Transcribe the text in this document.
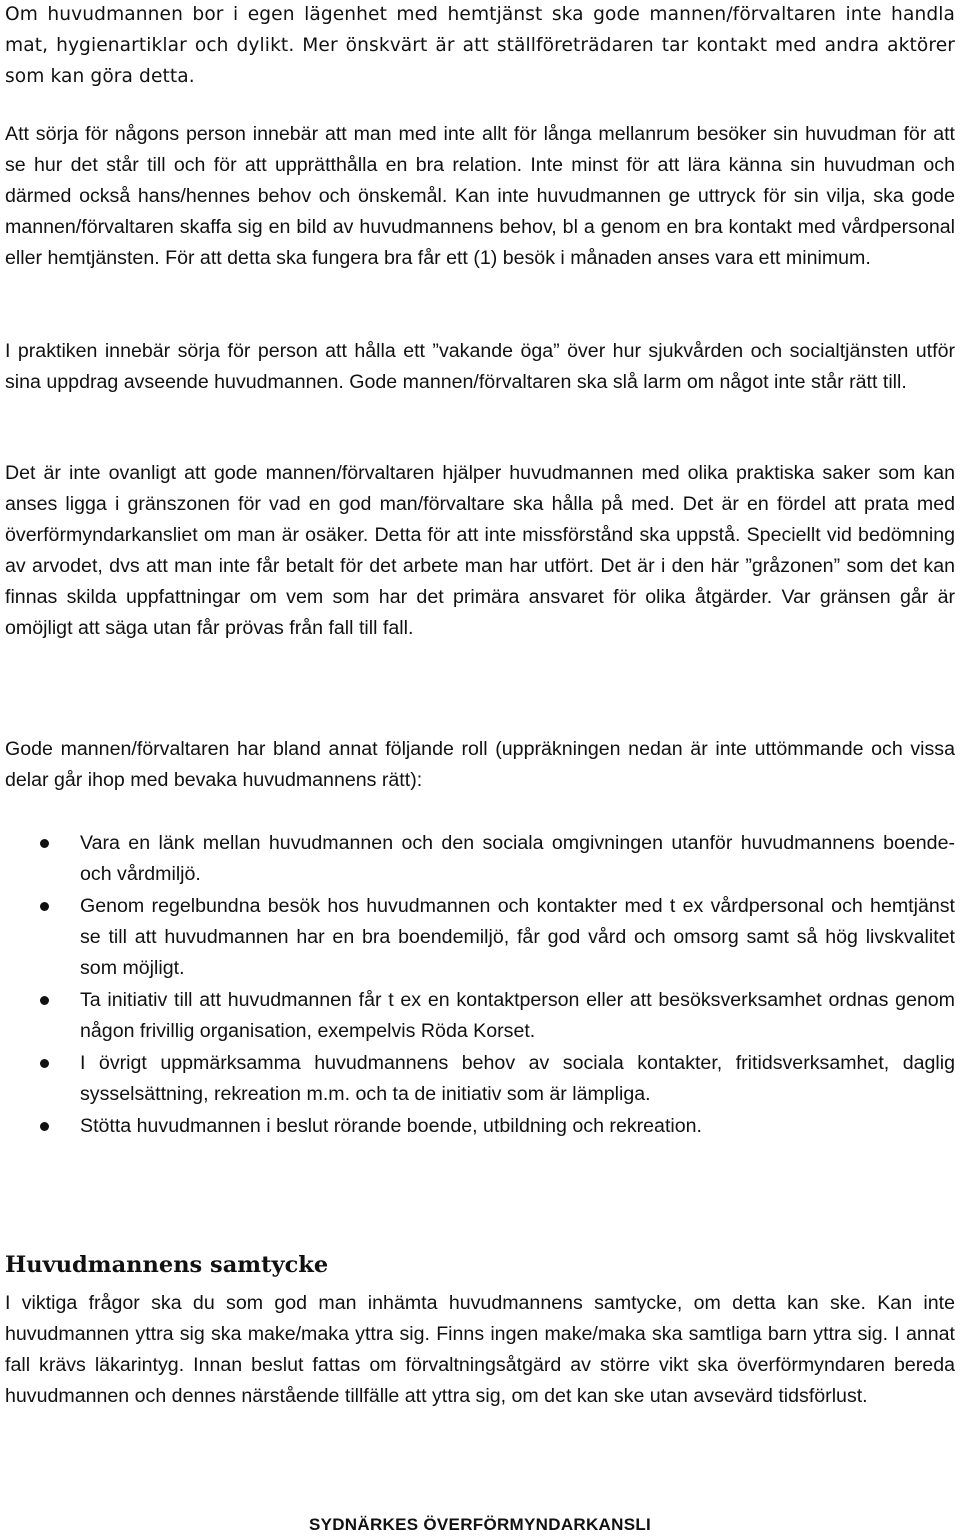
Om huvudmannen bor i egen lägenhet med hemtjänst ska gode mannen/förvaltaren inte handla mat, hygienartiklar och dylikt. Mer önskvärt är att ställföreträdaren tar kontakt med andra aktörer som kan göra detta.

Att sörja för någons person innebär att man med inte allt för långa mellanrum besöker sin huvudman för att se hur det står till och för att upprätthålla en bra relation. Inte minst för att lära känna sin huvudman och därmed också hans/hennes behov och önskemål. Kan inte huvudmannen ge uttryck för sin vilja, ska gode mannen/förvaltaren skaffa sig en bild av huvudmannens behov, bl a genom en bra kontakt med vårdpersonal eller hemtjänsten. För att detta ska fungera bra får ett (1) besök i månaden anses vara ett minimum.

I praktiken innebär sörja för person att hålla ett ”vakande öga” över hur sjukvården och socialtjänsten utför sina uppdrag avseende huvudmannen. Gode mannen/förvaltaren ska slå larm om något inte står rätt till.

Det är inte ovanligt att gode mannen/förvaltaren hjälper huvudmannen med olika praktiska saker som kan anses ligga i gränszonen för vad en god man/förvaltare ska hålla på med. Det är en fördel att prata med överförmyndarkansliet om man är osäker. Detta för att inte missförstånd ska uppstå. Speciellt vid bedömning av arvodet, dvs att man inte får betalt för det arbete man har utfört. Det är i den här ”gråzonen” som det kan finnas skilda uppfattningar om vem som har det primära ansvaret för olika åtgärder. Var gränsen går är omöjligt att säga utan får prövas från fall till fall.

Gode mannen/förvaltaren har bland annat följande roll (uppräkningen nedan är inte uttömmande och vissa delar går ihop med bevaka huvudmannens rätt):

Vara en länk mellan huvudmannen och den sociala omgivningen utanför huvudmannens boende- och vårdmiljö.
Genom regelbundna besök hos huvudmannen och kontakter med t ex vårdpersonal och hemtjänst se till att huvudmannen har en bra boendemiljö, får god vård och omsorg samt så hög livskvalitet som möjligt.
Ta initiativ till att huvudmannen får t ex en kontaktperson eller att besöksverksamhet ordnas genom någon frivillig organisation, exempelvis Röda Korset.
I övrigt uppmärksamma huvudmannens behov av sociala kontakter, fritidsverksamhet, daglig sysselsättning, rekreation m.m. och ta de initiativ som är lämpliga.
Stötta huvudmannen i beslut rörande boende, utbildning och rekreation.
Huvudmannens samtycke

I viktiga frågor ska du som god man inhämta huvudmannens samtycke, om detta kan ske. Kan inte huvudmannen yttra sig ska make/maka yttra sig. Finns ingen make/maka ska samtliga barn yttra sig. I annat fall krävs läkarintyg. Innan beslut fattas om förvaltningsåtgärd av större vikt ska överförmyndaren bereda huvudmannen och dennes närstående tillfälle att yttra sig, om det kan ske utan avsevärd tidsförlust.

SYDNÄRKES ÖVERFÖRMYNDARKANSLI
